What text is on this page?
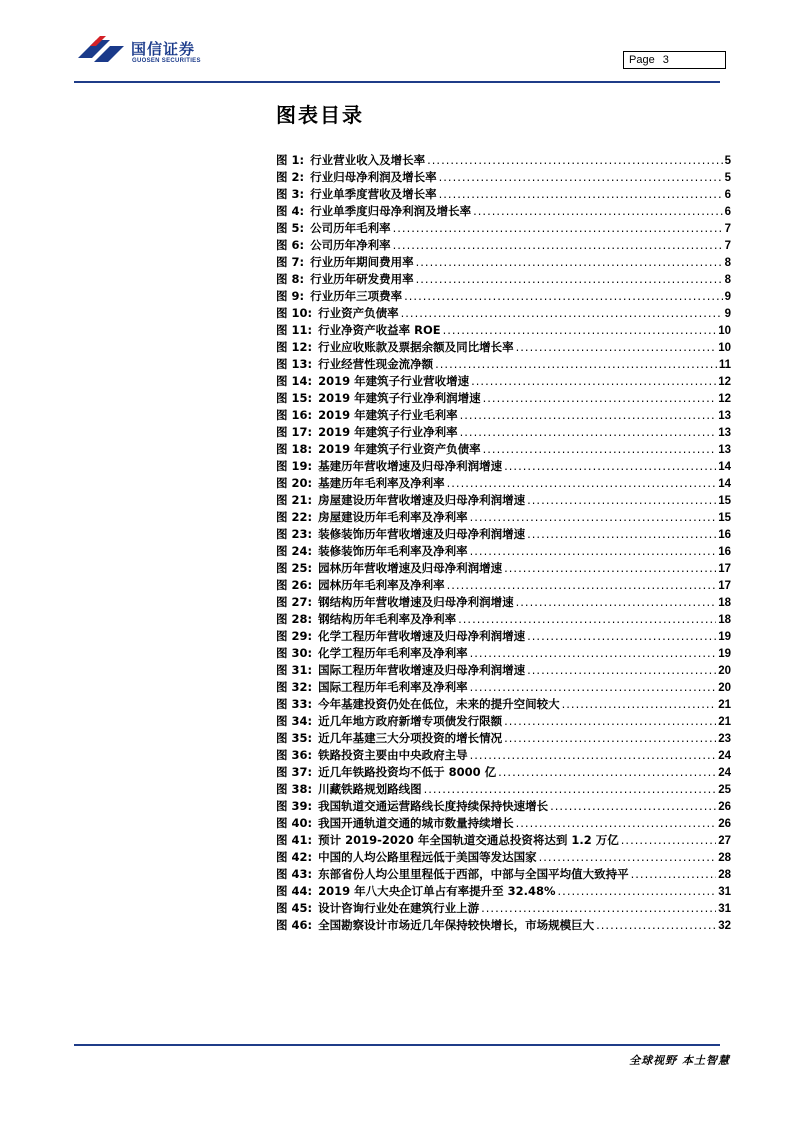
国信证券
GUOSEN SECURITIES	Page 3
图表目录
图 1: 行业营业收入及增长率 .....	5
图 2: 行业归母净利润及增长率 .....	5
图 3: 行业单季度营收及增长率 .....	6
图 4: 行业单季度归母净利润及增长率 .....	6
图 5: 公司历年毛利率 .....	7
图 6: 公司历年净利率 .....	7
图 7: 行业历年期间费用率 .....	8
图 8: 行业历年研发费用率 .....	8
图 9: 行业历年三项费率 .....	9
图 10: 行业资产负债率 .....	9
图 11: 行业净资产收益率 ROE .....	10
图 12: 行业应收账款及票据余额及同比增长率 .....	10
图 13: 行业经营性现金流净额 .....	11
图 14: 2019 年建筑子行业营收增速 .....	12
图 15: 2019 年建筑子行业净利润增速 .....	12
图 16: 2019 年建筑子行业毛利率 .....	13
图 17: 2019 年建筑子行业净利率 .....	13
图 18: 2019 年建筑子行业资产负债率 .....	13
图 19: 基建历年营收增速及归母净利润增速 .....	14
图 20: 基建历年毛利率及净利率 .....	14
图 21: 房屋建设历年营收增速及归母净利润增速 .....	15
图 22: 房屋建设历年毛利率及净利率 .....	15
图 23: 装修装饰历年营收增速及归母净利润增速 .....	16
图 24: 装修装饰历年毛利率及净利率 .....	16
图 25: 园林历年营收增速及归母净利润增速 .....	17
图 26: 园林历年毛利率及净利率 .....	17
图 27: 钢结构历年营收增速及归母净利润增速 .....	18
图 28: 钢结构历年毛利率及净利率 .....	18
图 29: 化学工程历年营收增速及归母净利润增速 .....	19
图 30: 化学工程历年毛利率及净利率 .....	19
图 31: 国际工程历年营收增速及归母净利润增速 .....	20
图 32: 国际工程历年毛利率及净利率 .....	20
图 33: 今年基建投资仍处在低位，未来的提升空间较大 .....	21
图 34: 近几年地方政府新增专项债发行限额 .....	21
图 35: 近几年基建三大分项投资的增长情况 .....	23
图 36: 铁路投资主要由中央政府主导 .....	24
图 37: 近几年铁路投资均不低于 8000 亿 .....	24
图 38: 川藏铁路规划路线图 .....	25
图 39: 我国轨道交通运营路线长度持续保持快速增长 .....	26
图 40: 我国开通轨道交通的城市数量持续增长 .....	26
图 41: 预计 2019-2020 年全国轨道交通总投资将达到 1.2 万亿 .....	27
图 42: 中国的人均公路里程远低于美国等发达国家 .....	28
图 43: 东部省份人均公里里程低于西部，中部与全国平均值大致持平 .....	28
图 44: 2019 年八大央企订单占有率提升至 32.48% .....	31
图 45: 设计咨询行业处在建筑行业上游 .....	31
图 46: 全国勘察设计市场近几年保持较快增长，市场规模巨大 .....	32
全球视野 本土智慧
